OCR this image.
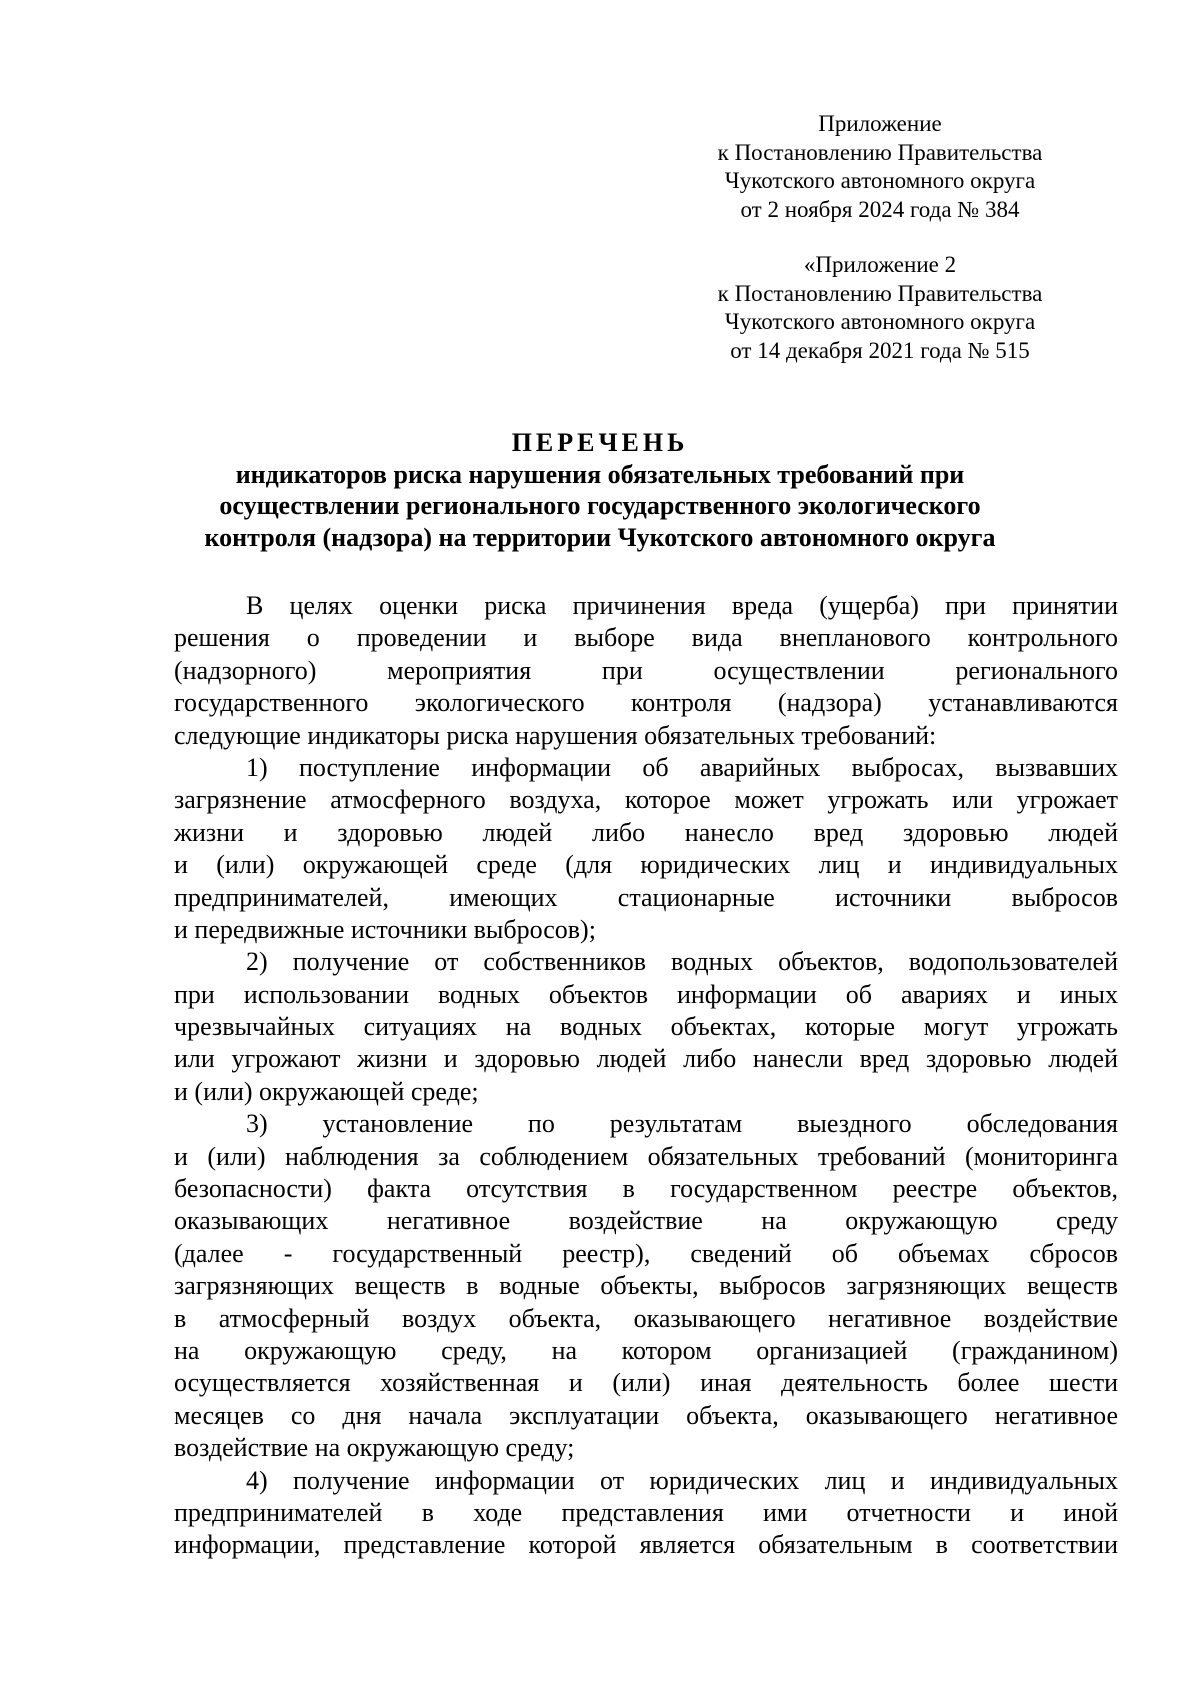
Приложение
к Постановлению Правительства
Чукотского автономного округа
от 2 ноября 2024 года № 384
«Приложение 2
к Постановлению Правительства
Чукотского автономного округа
от 14 декабря 2021 года № 515
ПЕРЕЧЕНЬ
индикаторов риска нарушения обязательных требований при
осуществлении регионального государственного экологического
контроля (надзора) на территории Чукотского автономного округа
В целях оценки риска причинения вреда (ущерба) при принятии
решения о проведении и выборе вида внепланового контрольного
(надзорного) мероприятия при осуществлении регионального
государственного экологического контроля (надзора) устанавливаются
следующие индикаторы риска нарушения обязательных требований:
1) поступление информации об аварийных выбросах, вызвавших
загрязнение атмосферного воздуха, которое может угрожать или угрожает
жизни и здоровью людей либо нанесло вред здоровью людей
и (или) окружающей среде (для юридических лиц и индивидуальных
предпринимателей, имеющих стационарные источники выбросов
и передвижные источники выбросов);
2) получение от собственников водных объектов, водопользователей
при использовании водных объектов информации об авариях и иных
чрезвычайных ситуациях на водных объектах, которые могут угрожать
или угрожают жизни и здоровью людей либо нанесли вред здоровью людей
и (или) окружающей среде;
3) установление по результатам выездного обследования
и (или) наблюдения за соблюдением обязательных требований (мониторинга
безопасности) факта отсутствия в государственном реестре объектов,
оказывающих негативное воздействие на окружающую среду
(далее - государственный реестр), сведений об объемах сбросов
загрязняющих веществ в водные объекты, выбросов загрязняющих веществ
в атмосферный воздух объекта, оказывающего негативное воздействие
на окружающую среду, на котором организацией (гражданином)
осуществляется хозяйственная и (или) иная деятельность более шести
месяцев со дня начала эксплуатации объекта, оказывающего негативное
воздействие на окружающую среду;
4) получение информации от юридических лиц и индивидуальных
предпринимателей в ходе представления ими отчетности и иной
информации, представление которой является обязательным в соответствии
